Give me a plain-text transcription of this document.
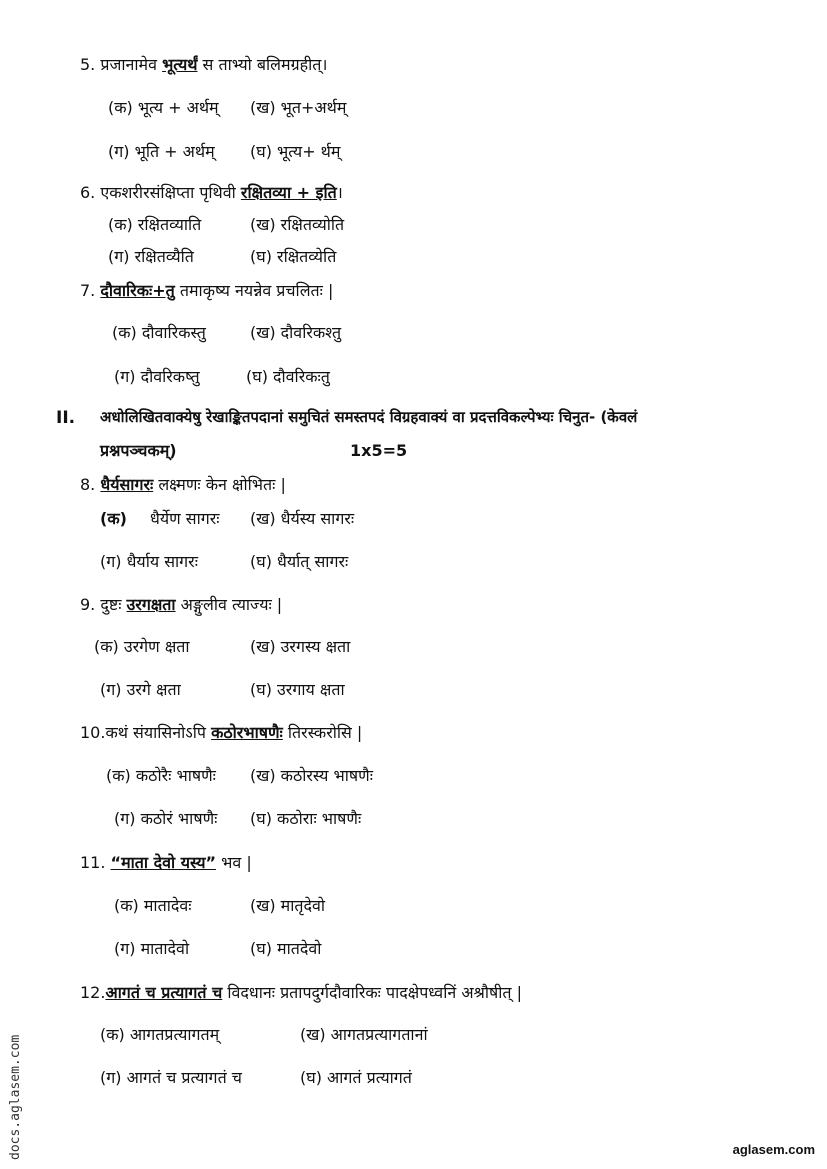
5. प्रजानामेव भूत्यर्थं स ताभ्यो बलिमग्रहीत्।
(क) भूत्य + अर्थम् (ख) भूत+अर्थम्
(ग) भूति + अर्थम् (घ) भूत्य+ र्थम्
6. एकशरीरसंक्षिप्ता पृथिवी रक्षितव्या + इति।
(क) रक्षितव्याति	(ख) रक्षितव्योति
(ग) रक्षितव्यैति	(घ) रक्षितव्येति
7. दौवारिकः+तु तमाकृष्य नयन्नेव प्रचलितः |
(क) दौवारिकस्तु	(ख) दौवरिकश्तु
(ग) दौवरिकष्तु	(घ) दौवरिकःतु
II. अधोलिखितवाक्येषु रेखाङ्कितपदानां समुचितं समस्तपदं विग्रहवाक्यं वा प्रदत्तविकल्पेभ्यः चिनुत- (केवलं
प्रश्नपञ्चकम्)	1x5=5
8. धैर्यसागरः लक्ष्मणः केन क्षोभितः |
(क) धैर्येण सागरः (ख) धैर्यस्य सागरः
(ग) धैर्याय सागरः	(घ) धैर्यात् सागरः
9. दुष्टः उरगक्षता अङ्गुलीव त्याज्यः |
(क) उरगेण क्षता	(ख) उरगस्य क्षता
(ग) उरगे क्षता	(घ) उरगाय क्षता
10.कथं संयासिनोऽपि कठोरभाषणैः तिरस्करोसि |
(क) कठोरैः भाषणैः (ख) कठोरस्य भाषणैः
(ग) कठोरं भाषणैः (घ) कठोराः भाषणैः
11. “माता देवो यस्य” भव |
(क) मातादेवः	(ख) मातृदेवो
(ग) मातादेवो	(घ) मातदेवो
12.आगतं च प्रत्यागतं च विदधानः प्रतापदुर्गदौवारिकः पादक्षेपध्वनिं अश्रौषीत् |
(क) आगतप्रत्यागतम्	(ख) आगतप्रत्यागतानां
(ग) आगतं च प्रत्यागतं च	(घ) आगतं प्रत्यागतं
docs.aglasem.com	aglasem.com
